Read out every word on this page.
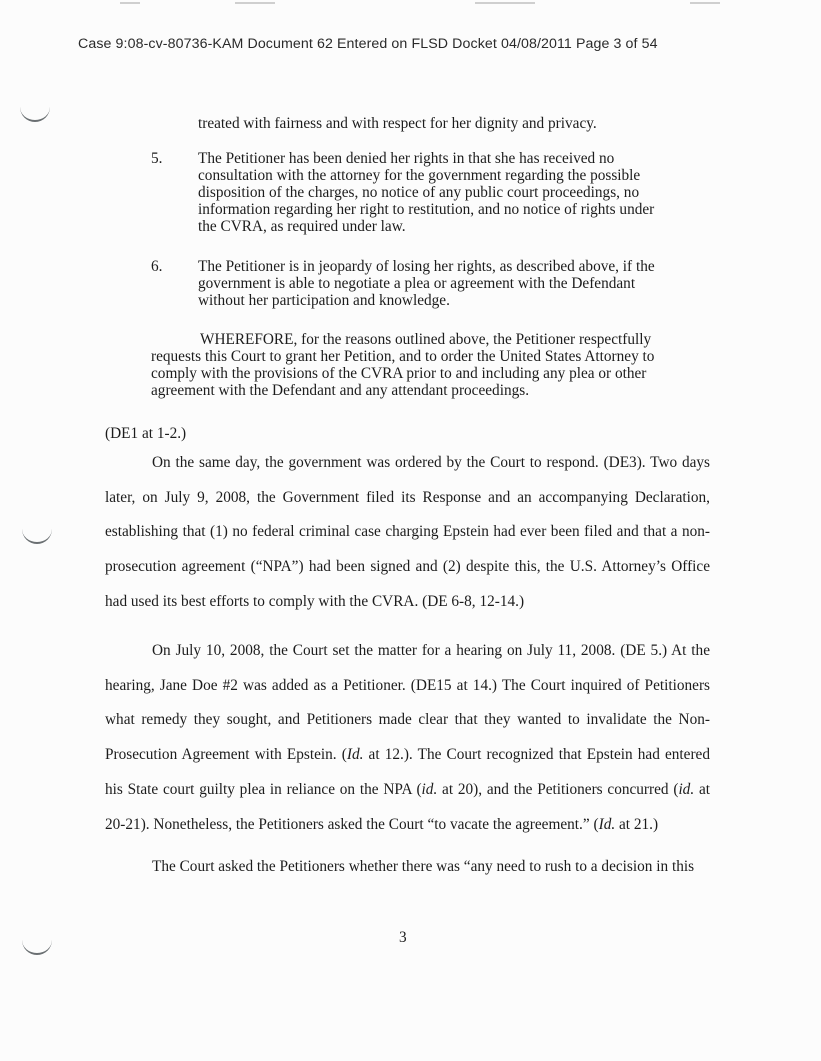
Case 9:08-cv-80736-KAM Document 62 Entered on FLSD Docket 04/08/2011 Page 3 of 54

treated with fairness and with respect for her dignity and privacy.

5. The Petitioner has been denied her rights in that she has received no
consultation with the attorney for the government regarding the possible
disposition of the charges, no notice of any public court proceedings, no
information regarding her right to restitution, and no notice of rights under
the CVRA, as required under law.

6. The Petitioner is in jeopardy of losing her rights, as described above, if the
government is able to negotiate a plea or agreement with the Defendant
without her participation and knowledge.

WHEREFORE, for the reasons outlined above, the Petitioner respectfully
requests this Court to grant her Petition, and to order the United States Attorney to
comply with the provisions of the CVRA prior to and including any plea or other
agreement with the Defendant and any attendant proceedings.

(DE1 at 1-2.)

On the same day, the government was ordered by the Court to respond. (DE3). Two days later, on July 9, 2008, the Government filed its Response and an accompanying Declaration, establishing that (1) no federal criminal case charging Epstein had ever been filed and that a non-prosecution agreement (“NPA”) had been signed and (2) despite this, the U.S. Attorney’s Office had used its best efforts to comply with the CVRA. (DE 6-8, 12-14.)

On July 10, 2008, the Court set the matter for a hearing on July 11, 2008. (DE 5.) At the hearing, Jane Doe #2 was added as a Petitioner. (DE15 at 14.) The Court inquired of Petitioners what remedy they sought, and Petitioners made clear that they wanted to invalidate the Non-Prosecution Agreement with Epstein. (Id. at 12.). The Court recognized that Epstein had entered his State court guilty plea in reliance on the NPA (id. at 20), and the Petitioners concurred (id. at 20-21). Nonetheless, the Petitioners asked the Court “to vacate the agreement.” (Id. at 21.)

The Court asked the Petitioners whether there was “any need to rush to a decision in this

3
